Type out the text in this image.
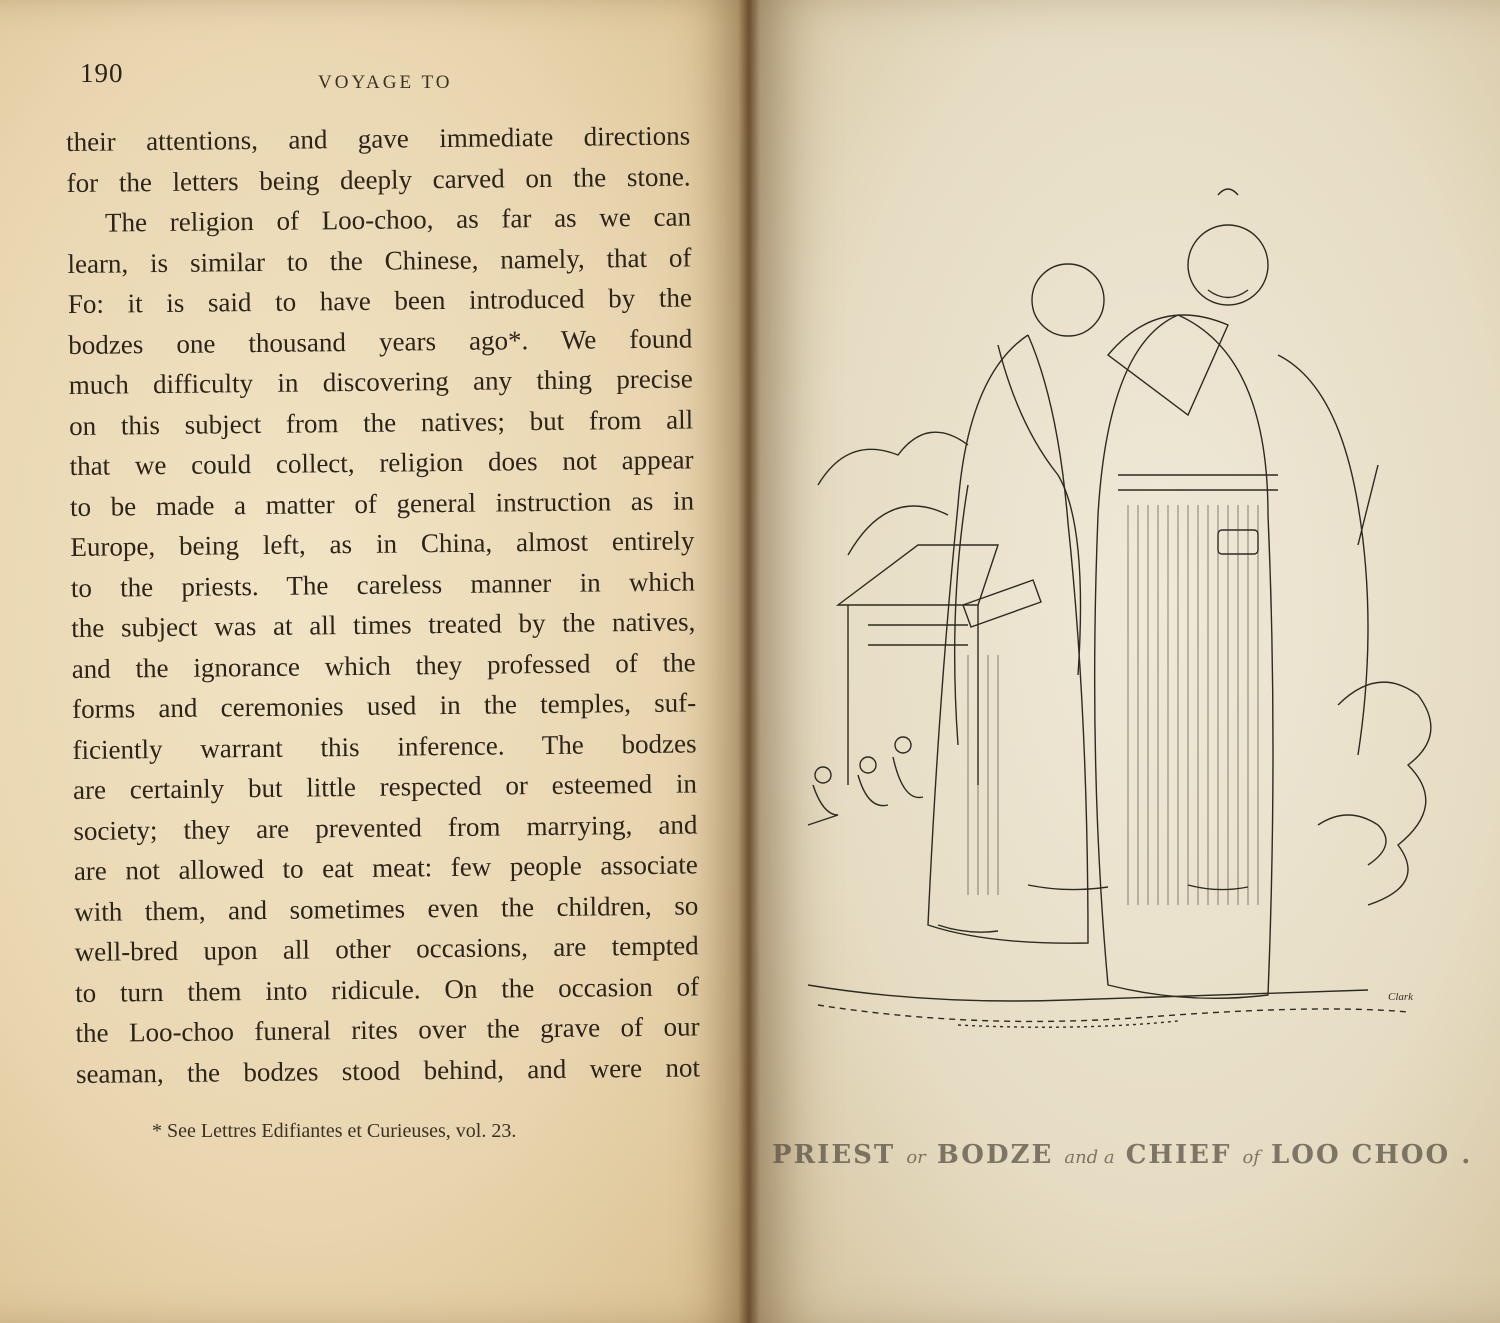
190	VOYAGE TO
their attentions, and gave immediate directions
for the letters being deeply carved on the stone.
The religion of Loo-choo, as far as we can
learn, is similar to the Chinese, namely, that of
Fo: it is said to have been introduced by the
bodzes one thousand years ago*. We found
much difficulty in discovering any thing precise
on this subject from the natives; but from all
that we could collect, religion does not appear
to be made a matter of general instruction as in
Europe, being left, as in China, almost entirely
to the priests. The careless manner in which
the subject was at all times treated by the natives,
and the ignorance which they professed of the
forms and ceremonies used in the temples, suf-
ficiently warrant this inference. The bodzes
are certainly but little respected or esteemed in
society; they are prevented from marrying, and
are not allowed to eat meat: few people associate
with them, and sometimes even the children, so
well-bred upon all other occasions, are tempted
to turn them into ridicule. On the occasion of
the Loo-choo funeral rites over the grave of our
seaman, the bodzes stood behind, and were not
* See Lettres Edifiantes et Curieuses, vol. 23.
Clark
PRIEST or BODZE and a CHIEF of LOO CHOO .
